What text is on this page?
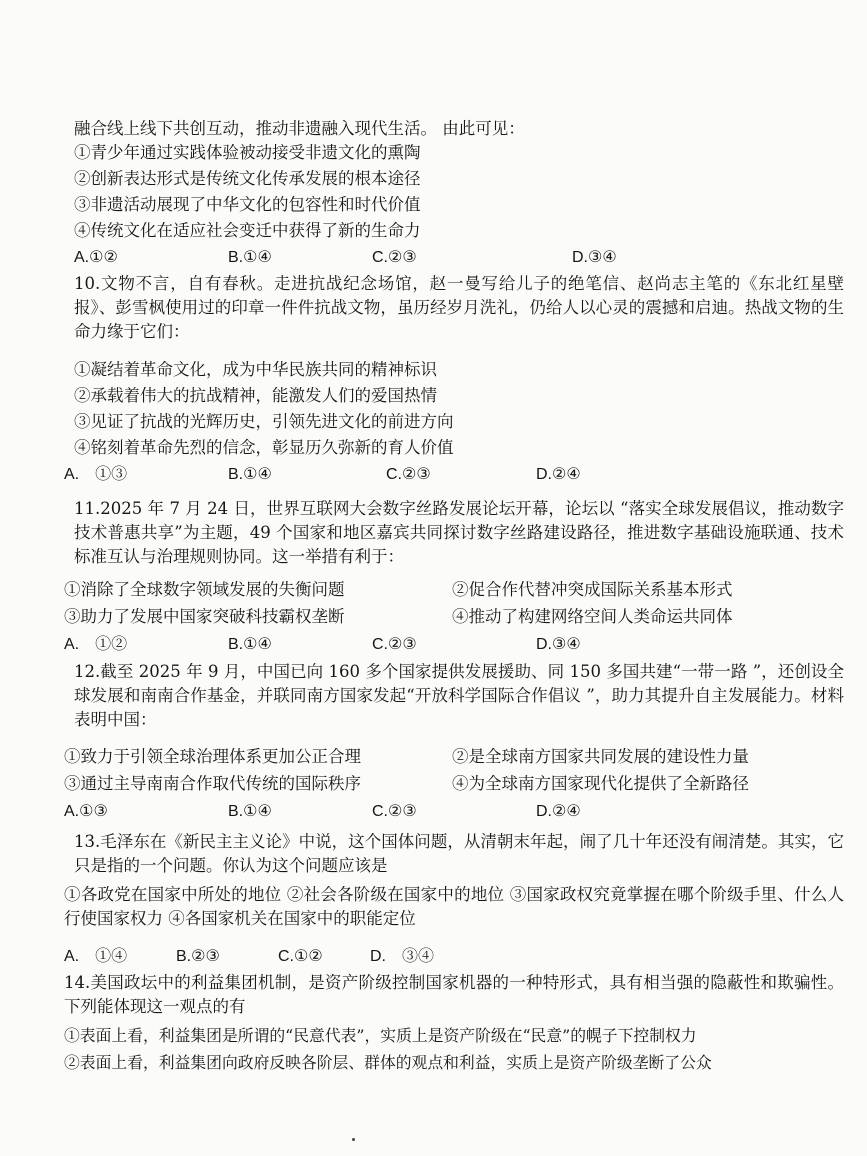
融合线上线下共创互动，推动非遗融入现代生活。 由此可见：
①青少年通过实践体验被动接受非遗文化的熏陶
②创新表达形式是传统文化传承发展的根本途径
③非遗活动展现了中华文化的包容性和时代价值
④传统文化在适应社会变迁中获得了新的生命力
A.①②	B.①④	C.②③	D.③④
10.文物不言，自有春秋。走进抗战纪念场馆，赵一曼写给儿子的绝笔信、赵尚志主笔的《东北红星壁报》、彭雪枫使用过的印章一件件抗战文物，虽历经岁月洗礼，仍给人以心灵的震撼和启迪。热战文物的生命力缘于它们：
①凝结着革命文化，成为中华民族共同的精神标识
②承载着伟大的抗战精神，能激发人们的爱国热情
③见证了抗战的光辉历史，引领先进文化的前进方向
④铭刻着革命先烈的信念，彰显历久弥新的育人价值
A.　①③	B.①④	C.②③	D.②④
11.2025 年 7 月 24 日，世界互联网大会数字丝路发展论坛开幕，论坛以 “落实全球发展倡议，推动数字技术普惠共享”为主题，49 个国家和地区嘉宾共同探讨数字丝路建设路径，推进数字基础设施联通、技术标准互认与治理规则协同。这一举措有利于：
①消除了全球数字领域发展的失衡问题	②促合作代替冲突成国际关系基本形式
③助力了发展中国家突破科技霸权垄断	④推动了构建网络空间人类命运共同体
A.　①②	B.①④	C.②③	D.③④
12.截至 2025 年 9 月，中国已向 160 多个国家提供发展援助、同 150 多国共建“一带一路 ”，还创设全球发展和南南合作基金，并联同南方国家发起“开放科学国际合作倡议 ”，助力其提升自主发展能力。材料表明中国：
①致力于引领全球治理体系更加公正合理	②是全球南方国家共同发展的建设性力量
③通过主导南南合作取代传统的国际秩序	④为全球南方国家现代化提供了全新路径
A.①③	B.①④	C.②③	D.②④
13.毛泽东在《新民主主义论》中说，这个国体问题，从清朝末年起，闹了几十年还没有闹清楚。其实，它只是指的一个问题。你认为这个问题应该是
①各政党在国家中所处的地位 ②社会各阶级在国家中的地位 ③国家政权究竟掌握在哪个阶级手里、什么人行使国家权力 ④各国家机关在国家中的职能定位
A.　①④	B.②③	C.①②	D.　③④
14.美国政坛中的利益集团机制，是资产阶级控制国家机器的一种特形式，具有相当强的隐蔽性和欺骗性。下列能体现这一观点的有
①表面上看，利益集团是所谓的“民意代表”，实质上是资产阶级在“民意”的幌子下控制权力
②表面上看，利益集团向政府反映各阶层、群体的观点和利益，实质上是资产阶级垄断了公众
